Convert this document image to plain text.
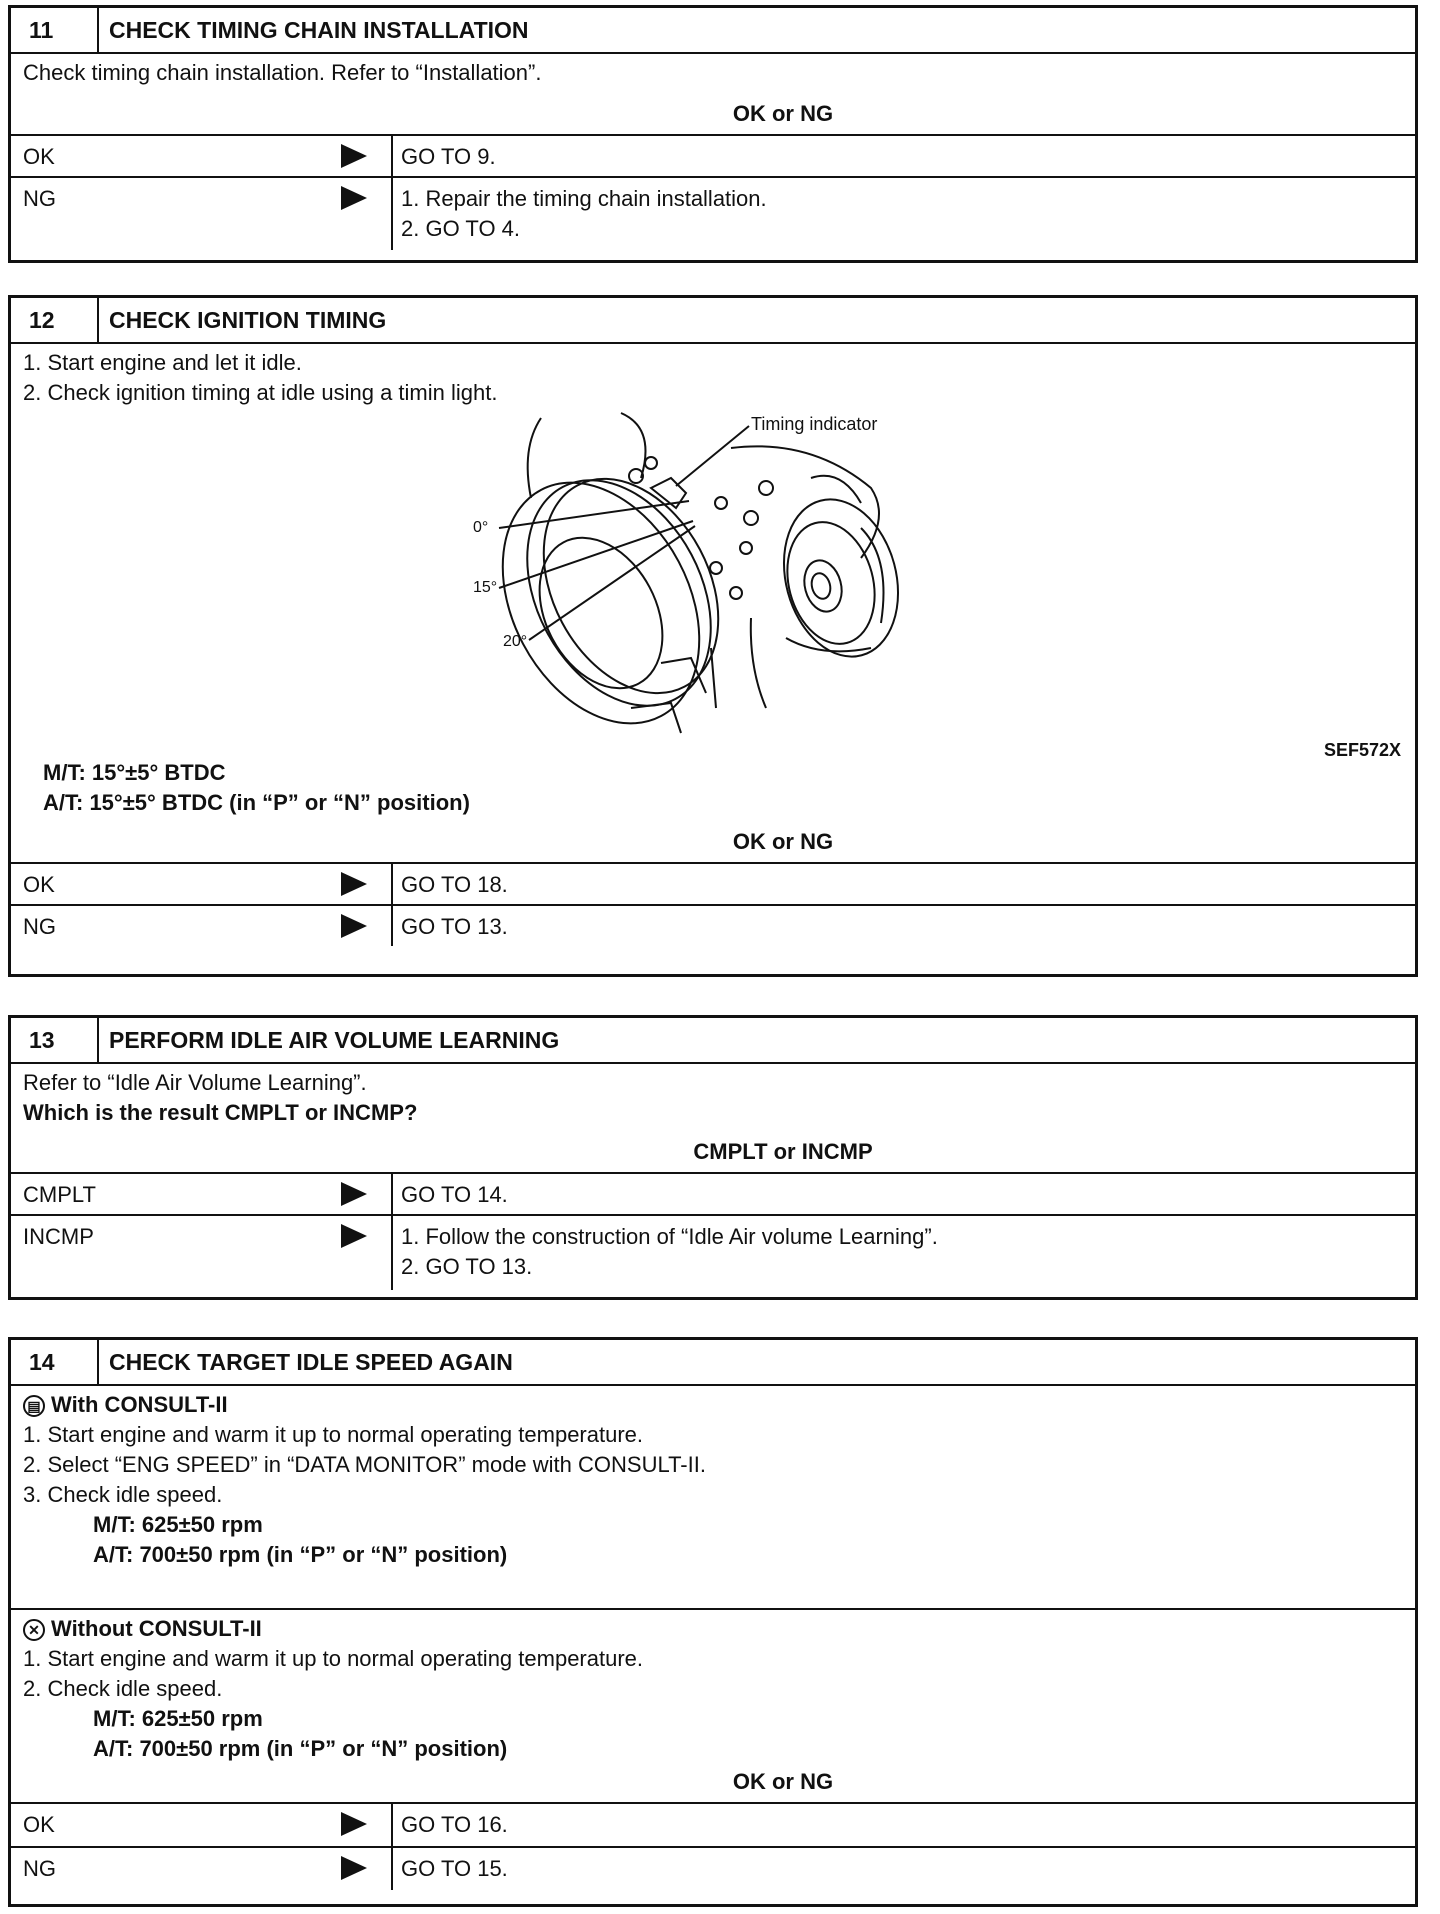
11	CHECK TIMING CHAIN INSTALLATION
Check timing chain installation. Refer to “Installation”.
OK or NG
OK	GO TO 9.
NG	1. Repair the timing chain installation.
2. GO TO 4.
12	CHECK IGNITION TIMING
1. Start engine and let it idle.
2. Check ignition timing at idle using a timin light.
Timing indicator
0°
15°
20°
SEF572X
M/T: 15°±5° BTDC
A/T: 15°±5° BTDC (in “P” or “N” position)
OK or NG
OK	GO TO 18.
NG	GO TO 13.
13	PERFORM IDLE AIR VOLUME LEARNING
Refer to “Idle Air Volume Learning”.
Which is the result CMPLT or INCMP?
CMPLT or INCMP
CMPLT	GO TO 14.
INCMP	1. Follow the construction of “Idle Air volume Learning”.
2. GO TO 13.
14	CHECK TARGET IDLE SPEED AGAIN
▤ With CONSULT-II
1. Start engine and warm it up to normal operating temperature.
2. Select “ENG SPEED” in “DATA MONITOR” mode with CONSULT-II.
3. Check idle speed.
M/T: 625±50 rpm
A/T: 700±50 rpm (in “P” or “N” position)
✕ Without CONSULT-II
1. Start engine and warm it up to normal operating temperature.
2. Check idle speed.
M/T: 625±50 rpm
A/T: 700±50 rpm (in “P” or “N” position)
OK or NG
OK	GO TO 16.
NG	GO TO 15.
